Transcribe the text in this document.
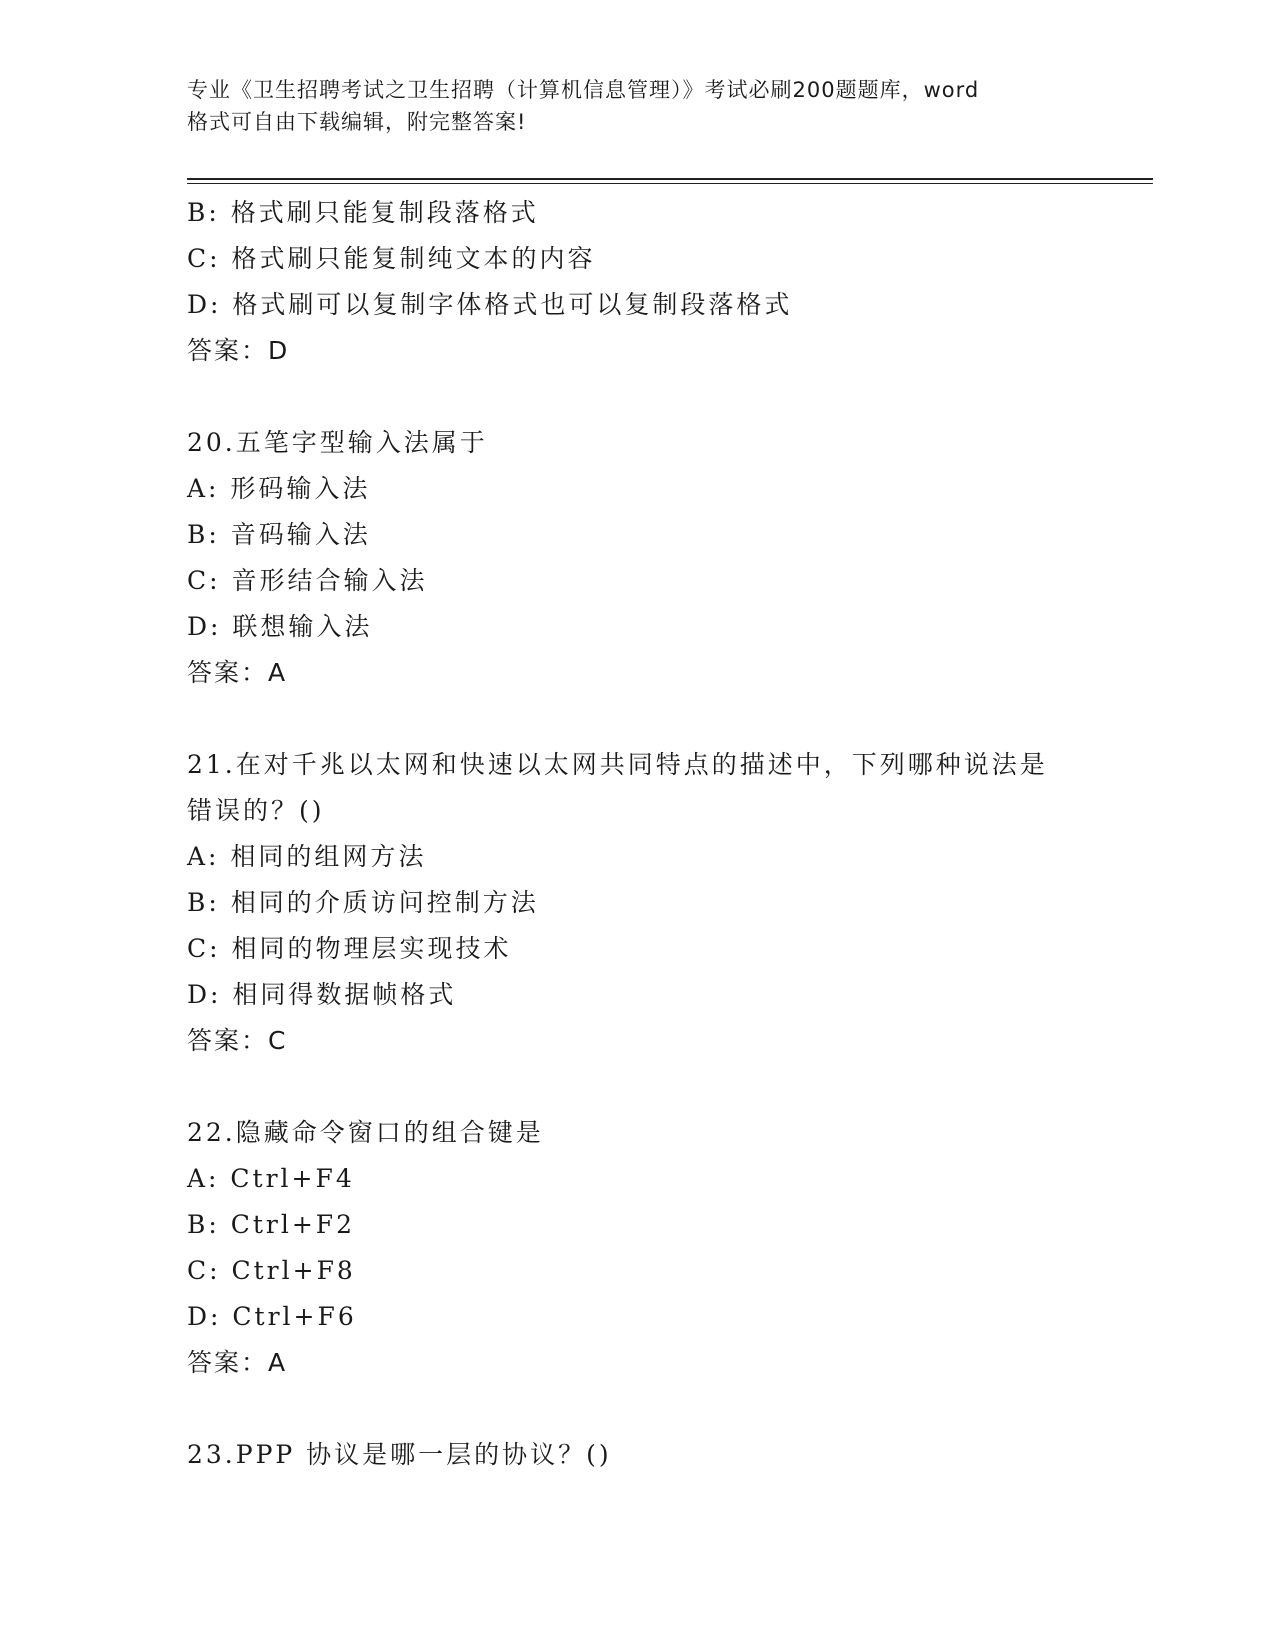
专业《卫生招聘考试之卫生招聘（计算机信息管理）》考试必刷200题题库，word
格式可自由下载编辑，附完整答案!
B: 格式刷只能复制段落格式
C: 格式刷只能复制纯文本的内容
D: 格式刷可以复制字体格式也可以复制段落格式
答案：D
20.五笔字型输入法属于
A: 形码输入法
B: 音码输入法
C: 音形结合输入法
D: 联想输入法
答案：A
21.在对千兆以太网和快速以太网共同特点的描述中，下列哪种说法是
错误的？()
A: 相同的组网方法
B: 相同的介质访问控制方法
C: 相同的物理层实现技术
D: 相同得数据帧格式
答案：C
22.隐藏命令窗口的组合键是
A: Ctrl+F4
B: Ctrl+F2
C: Ctrl+F8
D: Ctrl+F6
答案：A
23.PPP 协议是哪一层的协议？()
